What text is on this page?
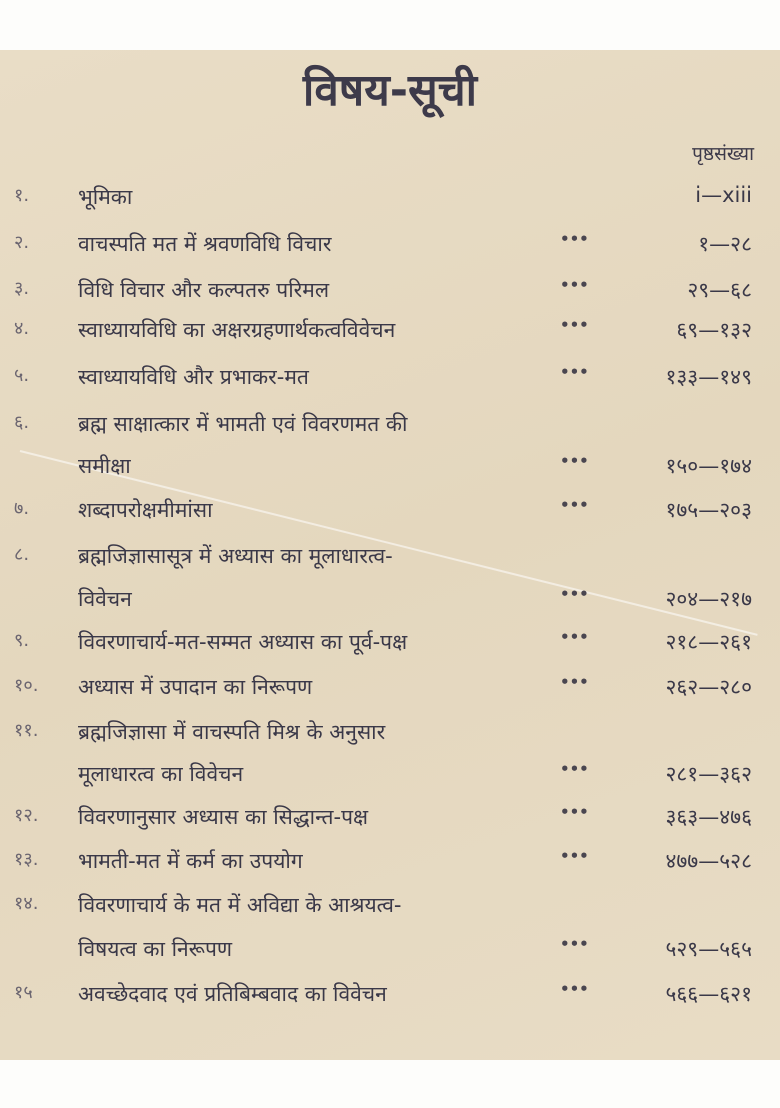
विषय-सूची
पृष्ठसंख्या
१.	भूमिका	i—xiii
२.	वाचस्पति मत में श्रवणविधि विचार	•••	१—२८
३.	विधि विचार और कल्पतरु परिमल	•••	२९—६८
४.	स्वाध्यायविधि का अक्षरग्रहणार्थकत्वविवेचन	•••	६९—१३२
५.	स्वाध्यायविधि और प्रभाकर-मत	•••	१३३—१४९
६.	ब्रह्म साक्षात्कार में भामती एवं विवरणमत की
समीक्षा	•••	१५०—१७४
७.	शब्दापरोक्षमीमांसा	•••	१७५—२०३
८.	ब्रह्मजिज्ञासासूत्र में अध्यास का मूलाधारत्व-
विवेचन	•••	२०४—२१७
९.	विवरणाचार्य-मत-सम्मत अध्यास का पूर्व-पक्ष	•••	२१८—२६१
१०.	अध्यास में उपादान का निरूपण	•••	२६२—२८०
११.	ब्रह्मजिज्ञासा में वाचस्पति मिश्र के अनुसार
मूलाधारत्व का विवेचन	•••	२८१—३६२
१२.	विवरणानुसार अध्यास का सिद्धान्त-पक्ष	•••	३६३—४७६
१३.	भामती-मत में कर्म का उपयोग	•••	४७७—५२८
१४.	विवरणाचार्य के मत में अविद्या के आश्रयत्व-
विषयत्व का निरूपण	•••	५२९—५६५
१५	अवच्छेदवाद एवं प्रतिबिम्बवाद का विवेचन	•••	५६६—६२१
